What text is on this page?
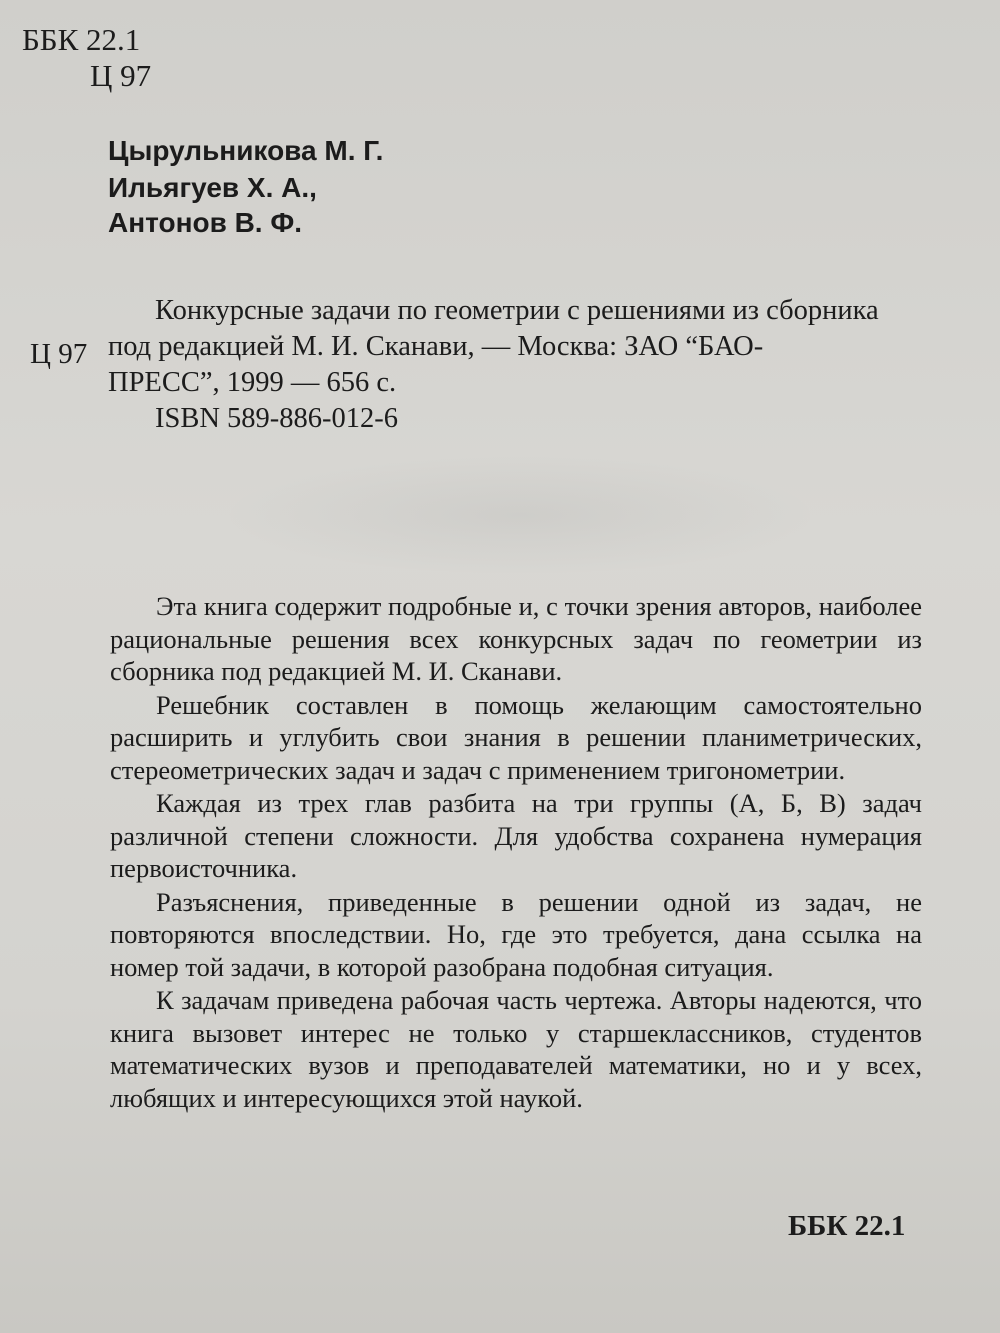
ББК 22.1
Ц 97
Цырульникова М. Г.
Ильягуев Х. А.,
Антонов В. Ф.
Ц 97
Конкурсные задачи по геометрии с решениями из сборника
под редакцией М. И. Сканави, — Москва: ЗАО “БАО-
ПРЕСС”, 1999 — 656 с.
ISBN 589-886-012-6

Эта книга содержит подробные и, с точки зрения авторов, наиболее рациональные решения всех конкурсных задач по геометрии из сборника под редакцией М. И. Сканави.

Решебник составлен в помощь желающим самостоятельно расширить и углубить свои знания в решении планиметрических, стереометрических задач и задач с применением тригонометрии.

Каждая из трех глав разбита на три группы (А, Б, В) задач различной степени сложности. Для удобства сохранена нумерация первоисточника.

Разъяснения, приведенные в решении одной из задач, не повторяются впоследствии. Но, где это требуется, дана ссылка на номер той задачи, в которой разобрана подобная ситуация.

К задачам приведена рабочая часть чертежа. Авторы надеются, что книга вызовет интерес не только у старшеклассников, студентов математических вузов и преподавателей математики, но и у всех, любящих и интересующихся этой наукой.

ББК 22.1
